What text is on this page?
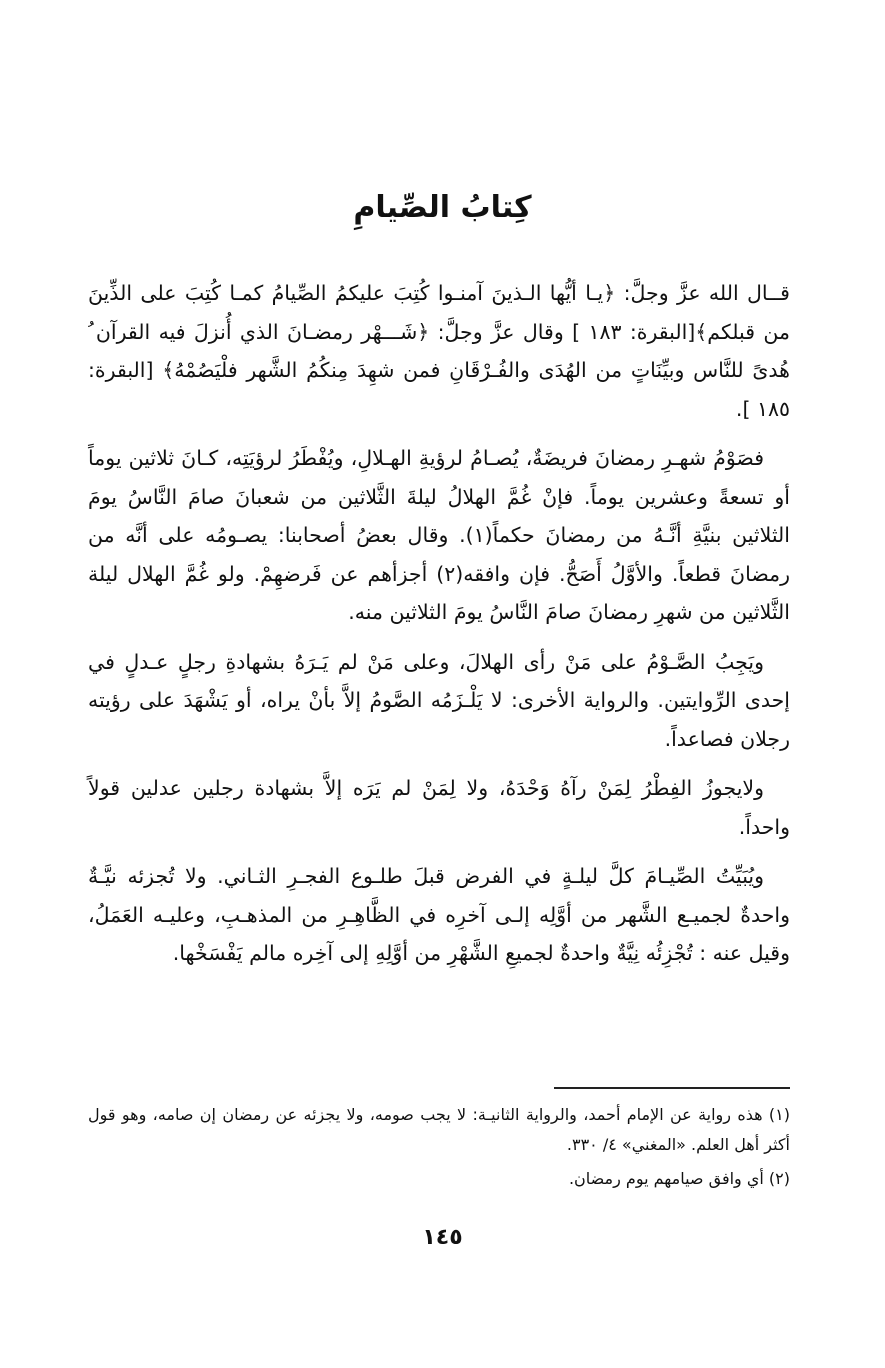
كِتابُ الصِّيامِ

قــال الله عزَّ وجلَّ: ﴿يـا أيُّها الـذينَ آمنـوا كُتِبَ عليكمُ الصِّيامُ كمـا كُتِبَ على الذِّينَ من قبلكم﴾[البقرة: ١٨٣ ] وقال عزَّ وجلَّ: ﴿شَـــهْر رمضـانَ الذي أُنزلَ فيه القرآن ُ هُدىً للنَّاس وبيِّنَاتٍ من الهُدَى والفُـرْقَانِ فمن شهِدَ مِنكُمُ الشَّهر فلْيَصُمْهُ﴾ [البقرة: ١٨٥ ].

فصَوْمُ شهـرِ رمضانَ فريضَةٌ، يُصـامُ لرؤيةِ الهـلالِ، ويُفْطَرُ لرؤيَتِه، كـانَ ثلاثين يوماً أو تسعةً وعشرين يوماً. فإنْ غُمَّ الهلالُ ليلةَ الثَّلاثين من شعبانَ صامَ النَّاسُ يومَ الثلاثين بنيَّةِ أنَّـهُ من رمضانَ حكماً(١). وقال بعضُ أصحابنا: يصـومُه على أنَّه من رمضانَ قطعاً. والأوَّلُ أَصَحُّ. فإن وافقه(٢) أجزأهم عن فَرضهِمْ. ولو غُمَّ الهلال ليلة الثَّلاثين من شهرِ رمضانَ صامَ النَّاسُ يومَ الثلاثين منه.

ويَجِبُ الصَّـوْمُ على مَنْ رأى الهلالَ، وعلى مَنْ لم يَـرَهُ بشهادةِ رجلٍ عـدلٍ في إحدى الرِّوايتين. والرواية الأخرى: لا يَلْـزَمُه الصَّومُ إلاَّ بأنْ يراه، أو يَشْهَدَ على رؤيته رجلان فصاعداً.

ولايجوزُ الفِطْرُ لِمَنْ رآهُ وَحْدَهُ، ولا لِمَنْ لم يَرَه إلاَّ بشهادة رجلين عدلين قولاً واحداً.

ويُبَيِّتُ الصِّيـامَ كلَّ ليلـةٍ في الفرض قبلَ طلـوع الفجـرِ الثـاني. ولا تُجزئه نيَّـةٌ واحدةٌ لجميـع الشَّهر من أوَّلِه إلـى آخرِه في الظَّاهِـرِ من المذهـبِ، وعليـه العَمَلُ، وقيل عنه : تُجْزِئُه نِيَّةٌ واحدةٌ لجميعِ الشَّهْرِ من أوَّلِهِ إلى آخِره مالم يَفْسَخْها.

(١) هذه رواية عن الإمام أحمد، والرواية الثانيـة: لا يجب صومه، ولا يجزئه عن رمضان إن صامه، وهو قول أكثر أهل العلم. «المغني» ٤/ ٣٣٠.

(٢) أي وافق صيامهم يوم رمضان.

١٤٥
